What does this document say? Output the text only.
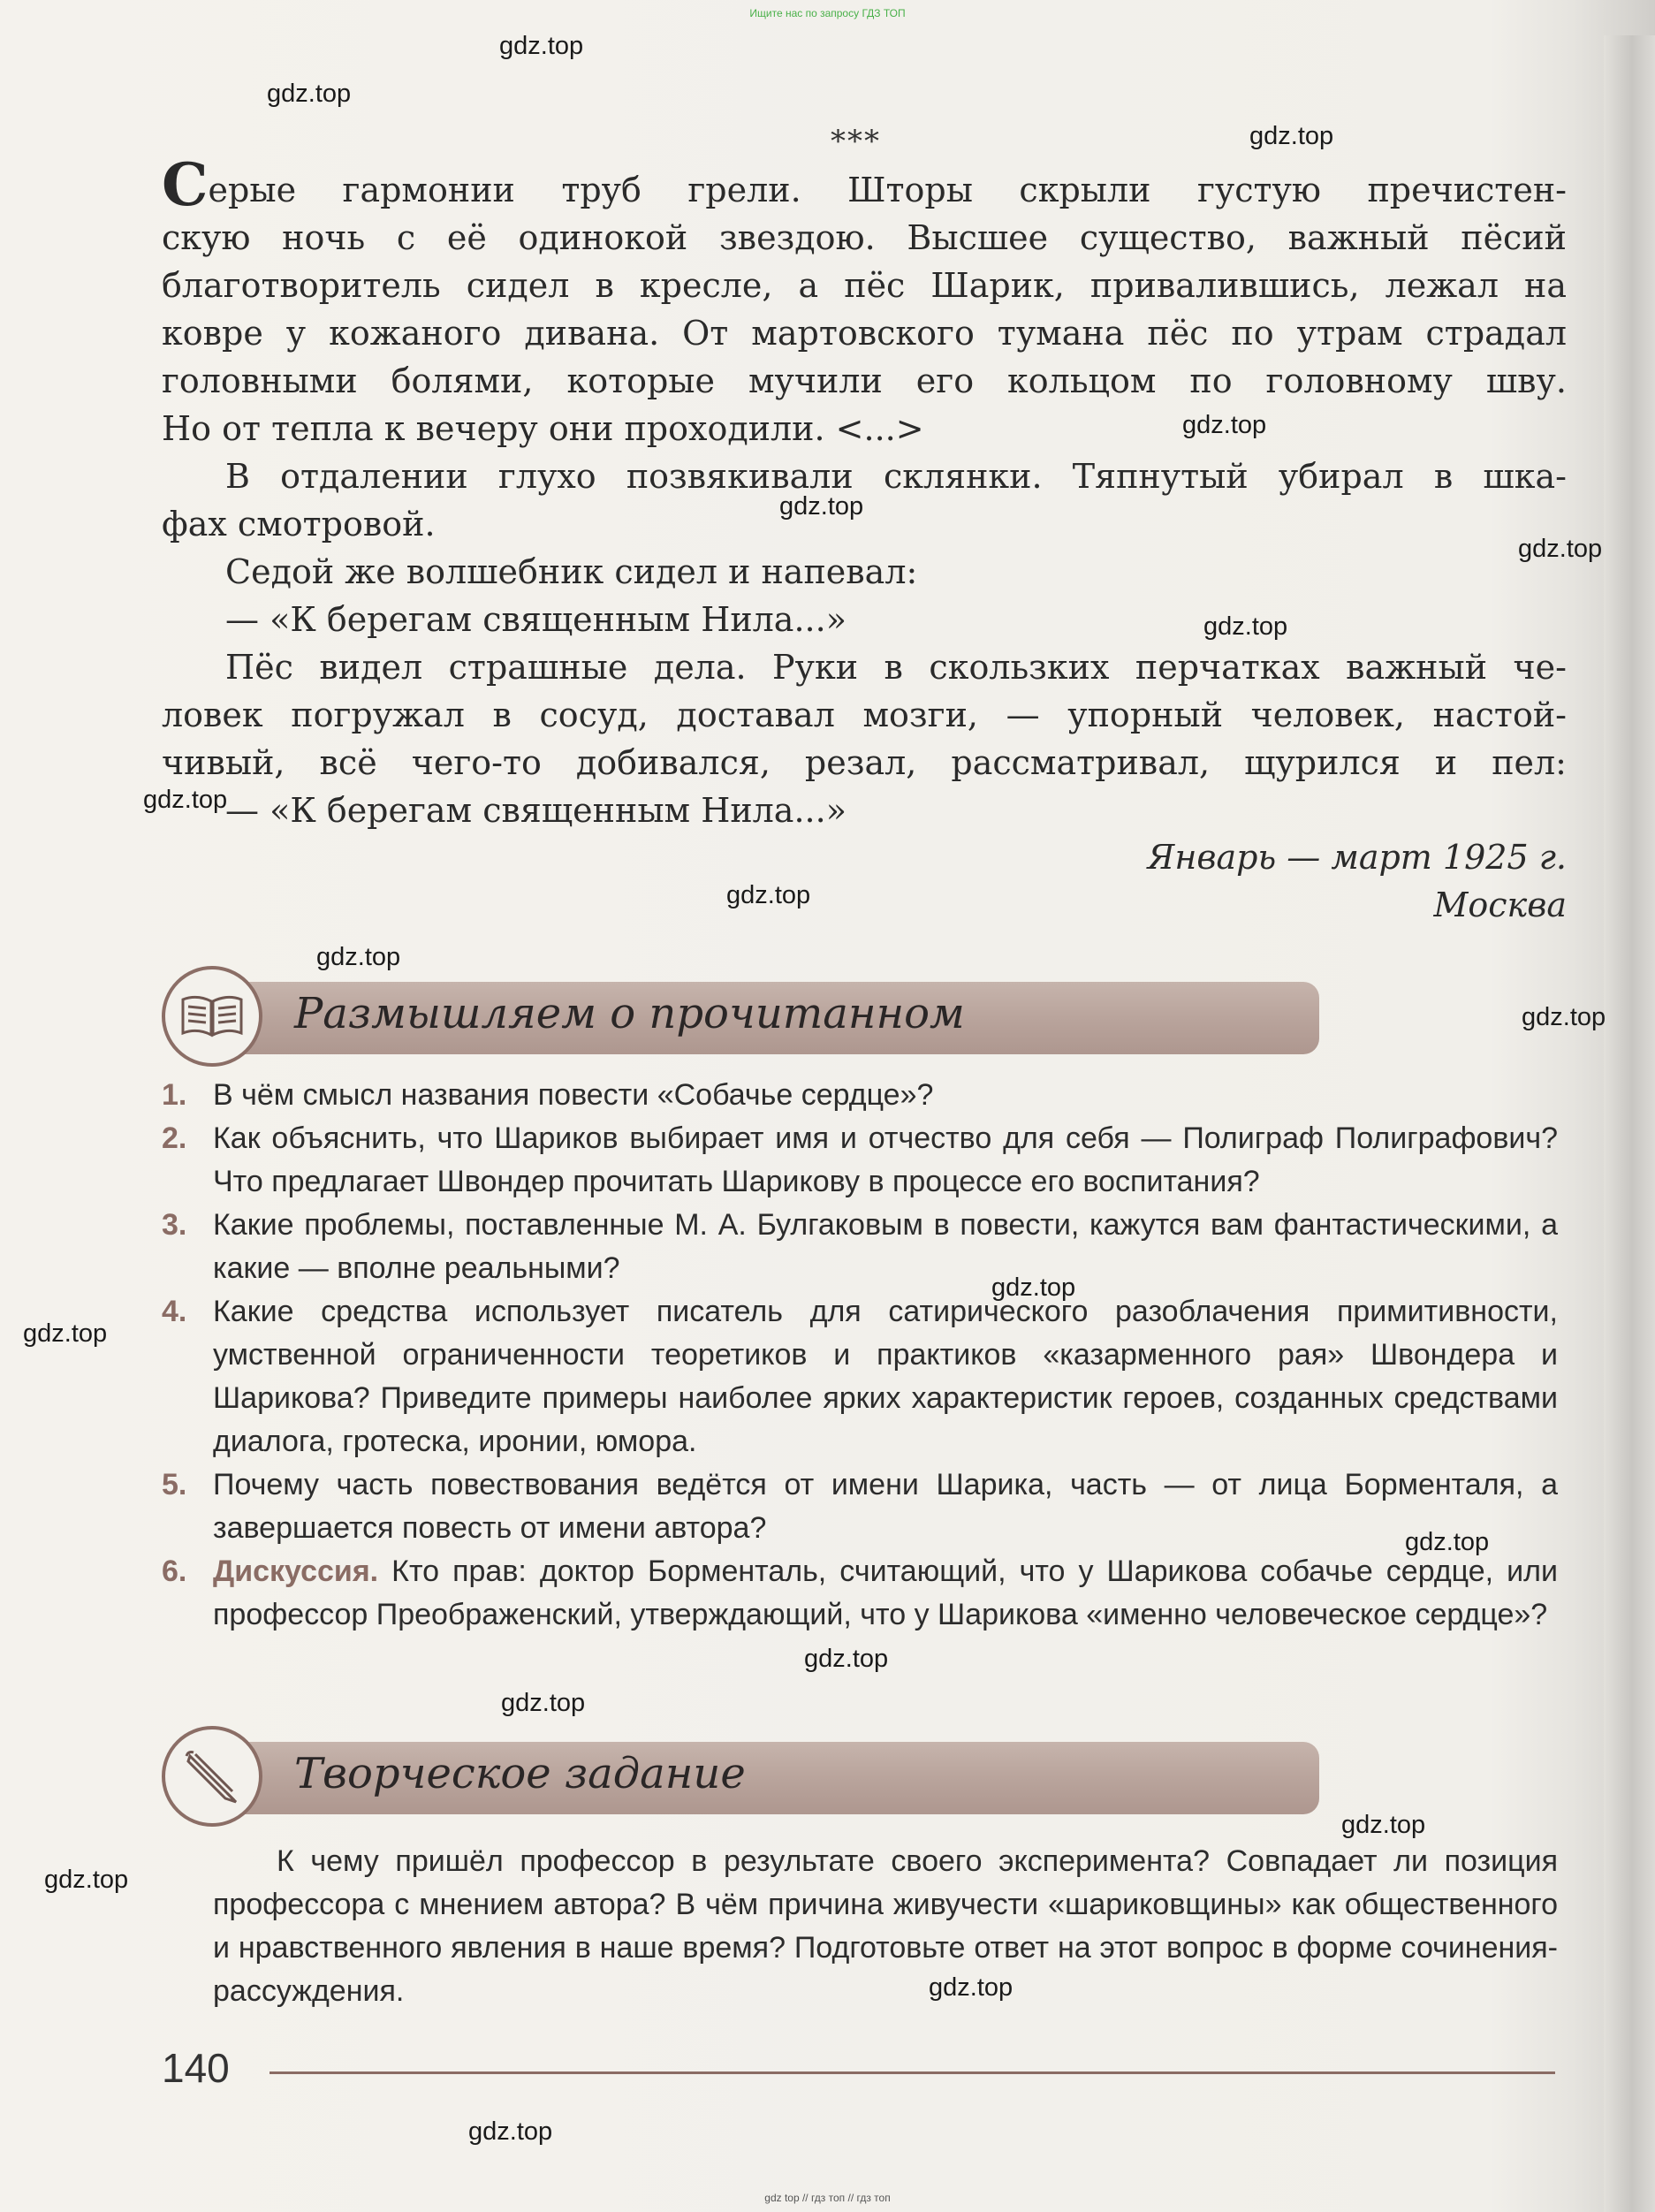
Ищите нас по запросу ГДЗ ТОП
gdz.top
gdz.top
gdz.top
gdz.top
gdz.top
gdz.top
gdz.top
gdz.top
gdz.top
gdz.top
gdz.top
gdz.top
gdz.top
gdz.top
gdz.top
gdz.top
gdz.top
gdz.top
gdz.top
gdz.top
***
Серые гармонии труб грели. Шторы скрыли густую пречистен-
скую ночь с её одинокой звездою. Высшее существо, важный пёсий
благотворитель сидел в кресле, а пёс Шарик, привалившись, лежал на
ковре у кожаного дивана. От мартовского тумана пёс по утрам страдал
головными болями, которые мучили его кольцом по головному шву.
Но от тепла к вечеру они проходили. <...>
В отдалении глухо позвякивали склянки. Тяпнутый убирал в шка-
фах смотровой.
Седой же волшебник сидел и напевал:
— «К берегам священным Нила...»
Пёс видел страшные дела. Руки в скользких перчатках важный че-
ловек погружал в сосуд, доставал мозги, — упорный человек, настой-
чивый, всё чего-то добивался, резал, рассматривал, щурился и пел:
— «К берегам священным Нила...»
Январь — март 1925 г.
Москва
Размышляем о прочитанном
1. В чём смысл названия повести «Собачье сердце»?
2. Как объяснить, что Шариков выбирает имя и отчество для себя — Полиграф Полиграфович? Что предлагает Швондер прочитать Шарикову в процессе его воспитания?
3. Какие проблемы, поставленные М. А. Булгаковым в повести, кажутся вам фантастическими, а какие — вполне реальными?
4. Какие средства использует писатель для сатирического разоблачения примитивности, умственной ограниченности теоретиков и практиков «казарменного рая» Швондера и Шарикова? Приведите примеры наиболее ярких характеристик героев, созданных средствами диалога, гротеска, иронии, юмора.
5. Почему часть повествования ведётся от имени Шарика, часть — от лица Борменталя, а завершается повесть от имени автора?
6. Дискуссия. Кто прав: доктор Борменталь, считающий, что у Шарикова собачье сердце, или профессор Преображенский, утверждающий, что у Шарикова «именно человеческое сердце»?
Творческое задание
К чему пришёл профессор в результате своего эксперимента? Совпадает ли позиция профессора с мнением автора? В чём причина живучести «шариковщины» как общественного и нравственного явления в наше время? Подготовьте ответ на этот вопрос в форме сочинения-рассуждения.
140
gdz top // гдз топ // гдз топ
